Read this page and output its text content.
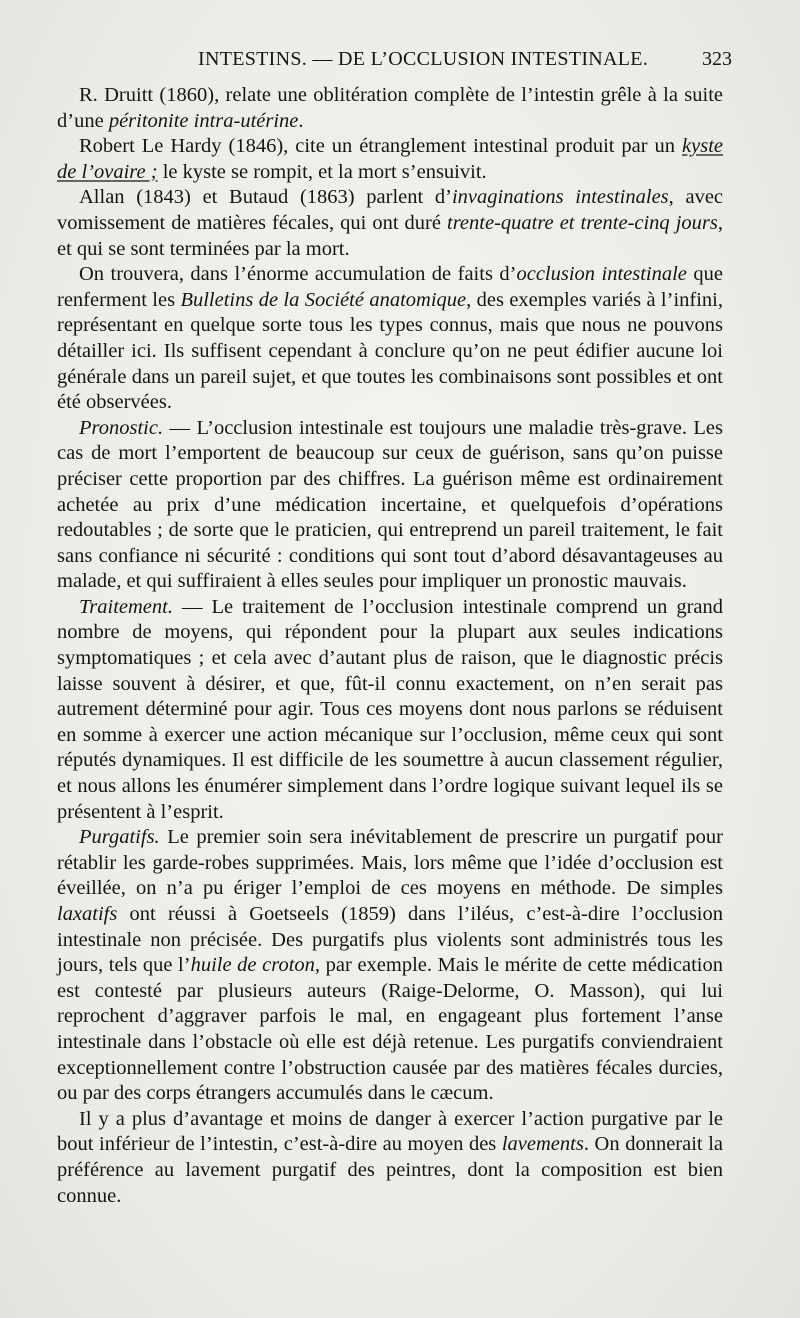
INTESTINS. — DE L’OCCLUSION INTESTINALE.	323

R. Druitt (1860), relate une oblitération complète de l’intestin grêle à la suite d’une péritonite intra-utérine.

Robert Le Hardy (1846), cite un étranglement intestinal produit par un kyste de l’ovaire ; le kyste se rompit, et la mort s’ensuivit.

Allan (1843) et Butaud (1863) parlent d’invaginations intestinales, avec vomissement de matières fécales, qui ont duré trente-quatre et trente-cinq jours, et qui se sont terminées par la mort.

On trouvera, dans l’énorme accumulation de faits d’occlusion intestinale que renferment les Bulletins de la Société anatomique, des exemples variés à l’infini, représentant en quelque sorte tous les types connus, mais que nous ne pouvons détailler ici. Ils suffisent cependant à conclure qu’on ne peut édifier aucune loi générale dans un pareil sujet, et que toutes les combinaisons sont possibles et ont été observées.

Pronostic. — L’occlusion intestinale est toujours une maladie très-grave. Les cas de mort l’emportent de beaucoup sur ceux de guérison, sans qu’on puisse préciser cette proportion par des chiffres. La guérison même est ordinairement achetée au prix d’une médication incertaine, et quelquefois d’opérations redoutables ; de sorte que le praticien, qui entreprend un pareil traitement, le fait sans confiance ni sécurité : conditions qui sont tout d’abord désavantageuses au malade, et qui suffiraient à elles seules pour impliquer un pronostic mauvais.

Traitement. — Le traitement de l’occlusion intestinale comprend un grand nombre de moyens, qui répondent pour la plupart aux seules indications symptomatiques ; et cela avec d’autant plus de raison, que le diagnostic précis laisse souvent à désirer, et que, fût-il connu exactement, on n’en serait pas autrement déterminé pour agir. Tous ces moyens dont nous parlons se réduisent en somme à exercer une action mécanique sur l’occlusion, même ceux qui sont réputés dynamiques. Il est difficile de les soumettre à aucun classement régulier, et nous allons les énumérer simplement dans l’ordre logique suivant lequel ils se présentent à l’esprit.

Purgatifs. Le premier soin sera inévitablement de prescrire un purgatif pour rétablir les garde-robes supprimées. Mais, lors même que l’idée d’occlusion est éveillée, on n’a pu ériger l’emploi de ces moyens en méthode. De simples laxatifs ont réussi à Goetseels (1859) dans l’iléus, c’est-à-dire l’occlusion intestinale non précisée. Des purgatifs plus violents sont administrés tous les jours, tels que l’huile de croton, par exemple. Mais le mérite de cette médication est contesté par plusieurs auteurs (Raige-Delorme, O. Masson), qui lui reprochent d’aggraver parfois le mal, en engageant plus fortement l’anse intestinale dans l’obstacle où elle est déjà retenue. Les purgatifs conviendraient exceptionnellement contre l’obstruction causée par des matières fécales durcies, ou par des corps étrangers accumulés dans le cæcum.

Il y a plus d’avantage et moins de danger à exercer l’action purgative par le bout inférieur de l’intestin, c’est-à-dire au moyen des lavements. On donnerait la préférence au lavement purgatif des peintres, dont la composition est bien connue.
